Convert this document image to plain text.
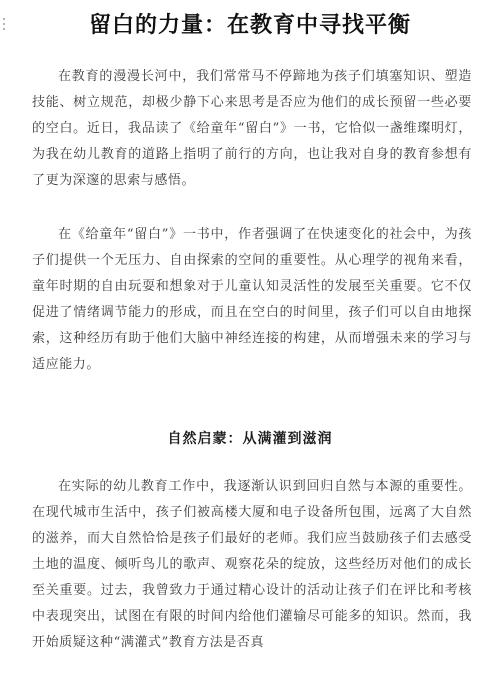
留白的力量：在教育中寻找平衡

在教育的漫漫长河中，我们常常马不停蹄地为孩子们填塞知识、塑造技能、树立规范，却极少静下心来思考是否应为他们的成长预留一些必要的空白。近日，我品读了《给童年“留白”》一书，它恰似一盏维璨明灯，为我在幼儿教育的道路上指明了前行的方向，也让我对自身的教育参想有了更为深邃的思索与感悟。

在《给童年“留白”》一书中，作者强调了在快速变化的社会中，为孩子们提供一个无压力、自由探索的空间的重要性。从心理学的视角来看，童年时期的自由玩耍和想象对于儿童认知灵活性的发展至关重要。它不仅促进了情绪调节能力的形成，而且在空白的时间里，孩子们可以自由地探索，这种经历有助于他们大脑中神经连接的构建，从而增强未来的学习与适应能力。

自然启蒙：从满灌到滋润

在实际的幼儿教育工作中，我逐渐认识到回归自然与本源的重要性。在现代城市生活中，孩子们被高楼大厦和电子设备所包围，远离了大自然的滋养，而大自然恰恰是孩子们最好的老师。我们应当鼓励孩子们去感受土地的温度、倾听鸟儿的歌声、观察花朵的绽放，这些经历对他们的成长至关重要。过去，我曾致力于通过精心设计的活动让孩子们在评比和考核中表现突出，试图在有限的时间内给他们灌输尽可能多的知识。然而，我开始质疑这种“满灌式”教育方法是否真
